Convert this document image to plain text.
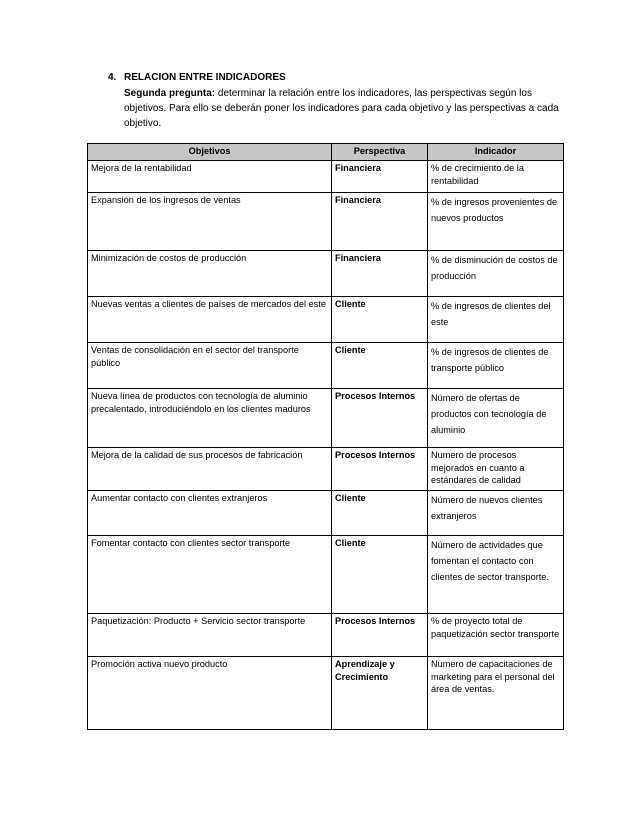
4. RELACION ENTRE INDICADORES
Segunda pregunta: determinar la relación entre los indicadores, las perspectivas según los objetivos. Para ello se deberán poner los indicadores para cada objetivo y las perspectivas a cada objetivo.
Objetivos	Perspectiva	Indicador
Mejora de la rentabilidad	Financiera	% de crecimiento de la rentabilidad
Expansión de los ingresos de ventas	Financiera	% de ingresos provenientes de nuevos productos
Minimización de costos de producción	Financiera	% de disminución de costos de producción
Nuevas ventas a clientes de países de mercados del este	Cliente	% de ingresos de clientes del este
Ventas de consolidación en el sector del transporte público	Cliente	% de ingresos de clientes de transporte público
Nueva línea de productos con tecnología de aluminio precalentado, introduciéndolo en los clientes maduros	Procesos Internos	Número de ofertas de productos con tecnología de aluminio
Mejora de la calidad de sus procesos de fabricación	Procesos Internos	Numero de procesos mejorados en cuanto a estándares de calidad
Aumentar contacto con clientes extranjeros	Cliente	Número de nuevos clientes extranjeros
Fomentar contacto con clientes sector transporte	Cliente	Número de actividades que fomentan el contacto con clientes de sector transporte.
Paquetización: Producto + Servicio sector transporte	Procesos Internos	% de proyecto total de paquetización sector transporte
Promoción activa nuevo producto	Aprendizaje y Crecimiento	Numero de capacitaciones de marketing para el personal del área de ventas.
